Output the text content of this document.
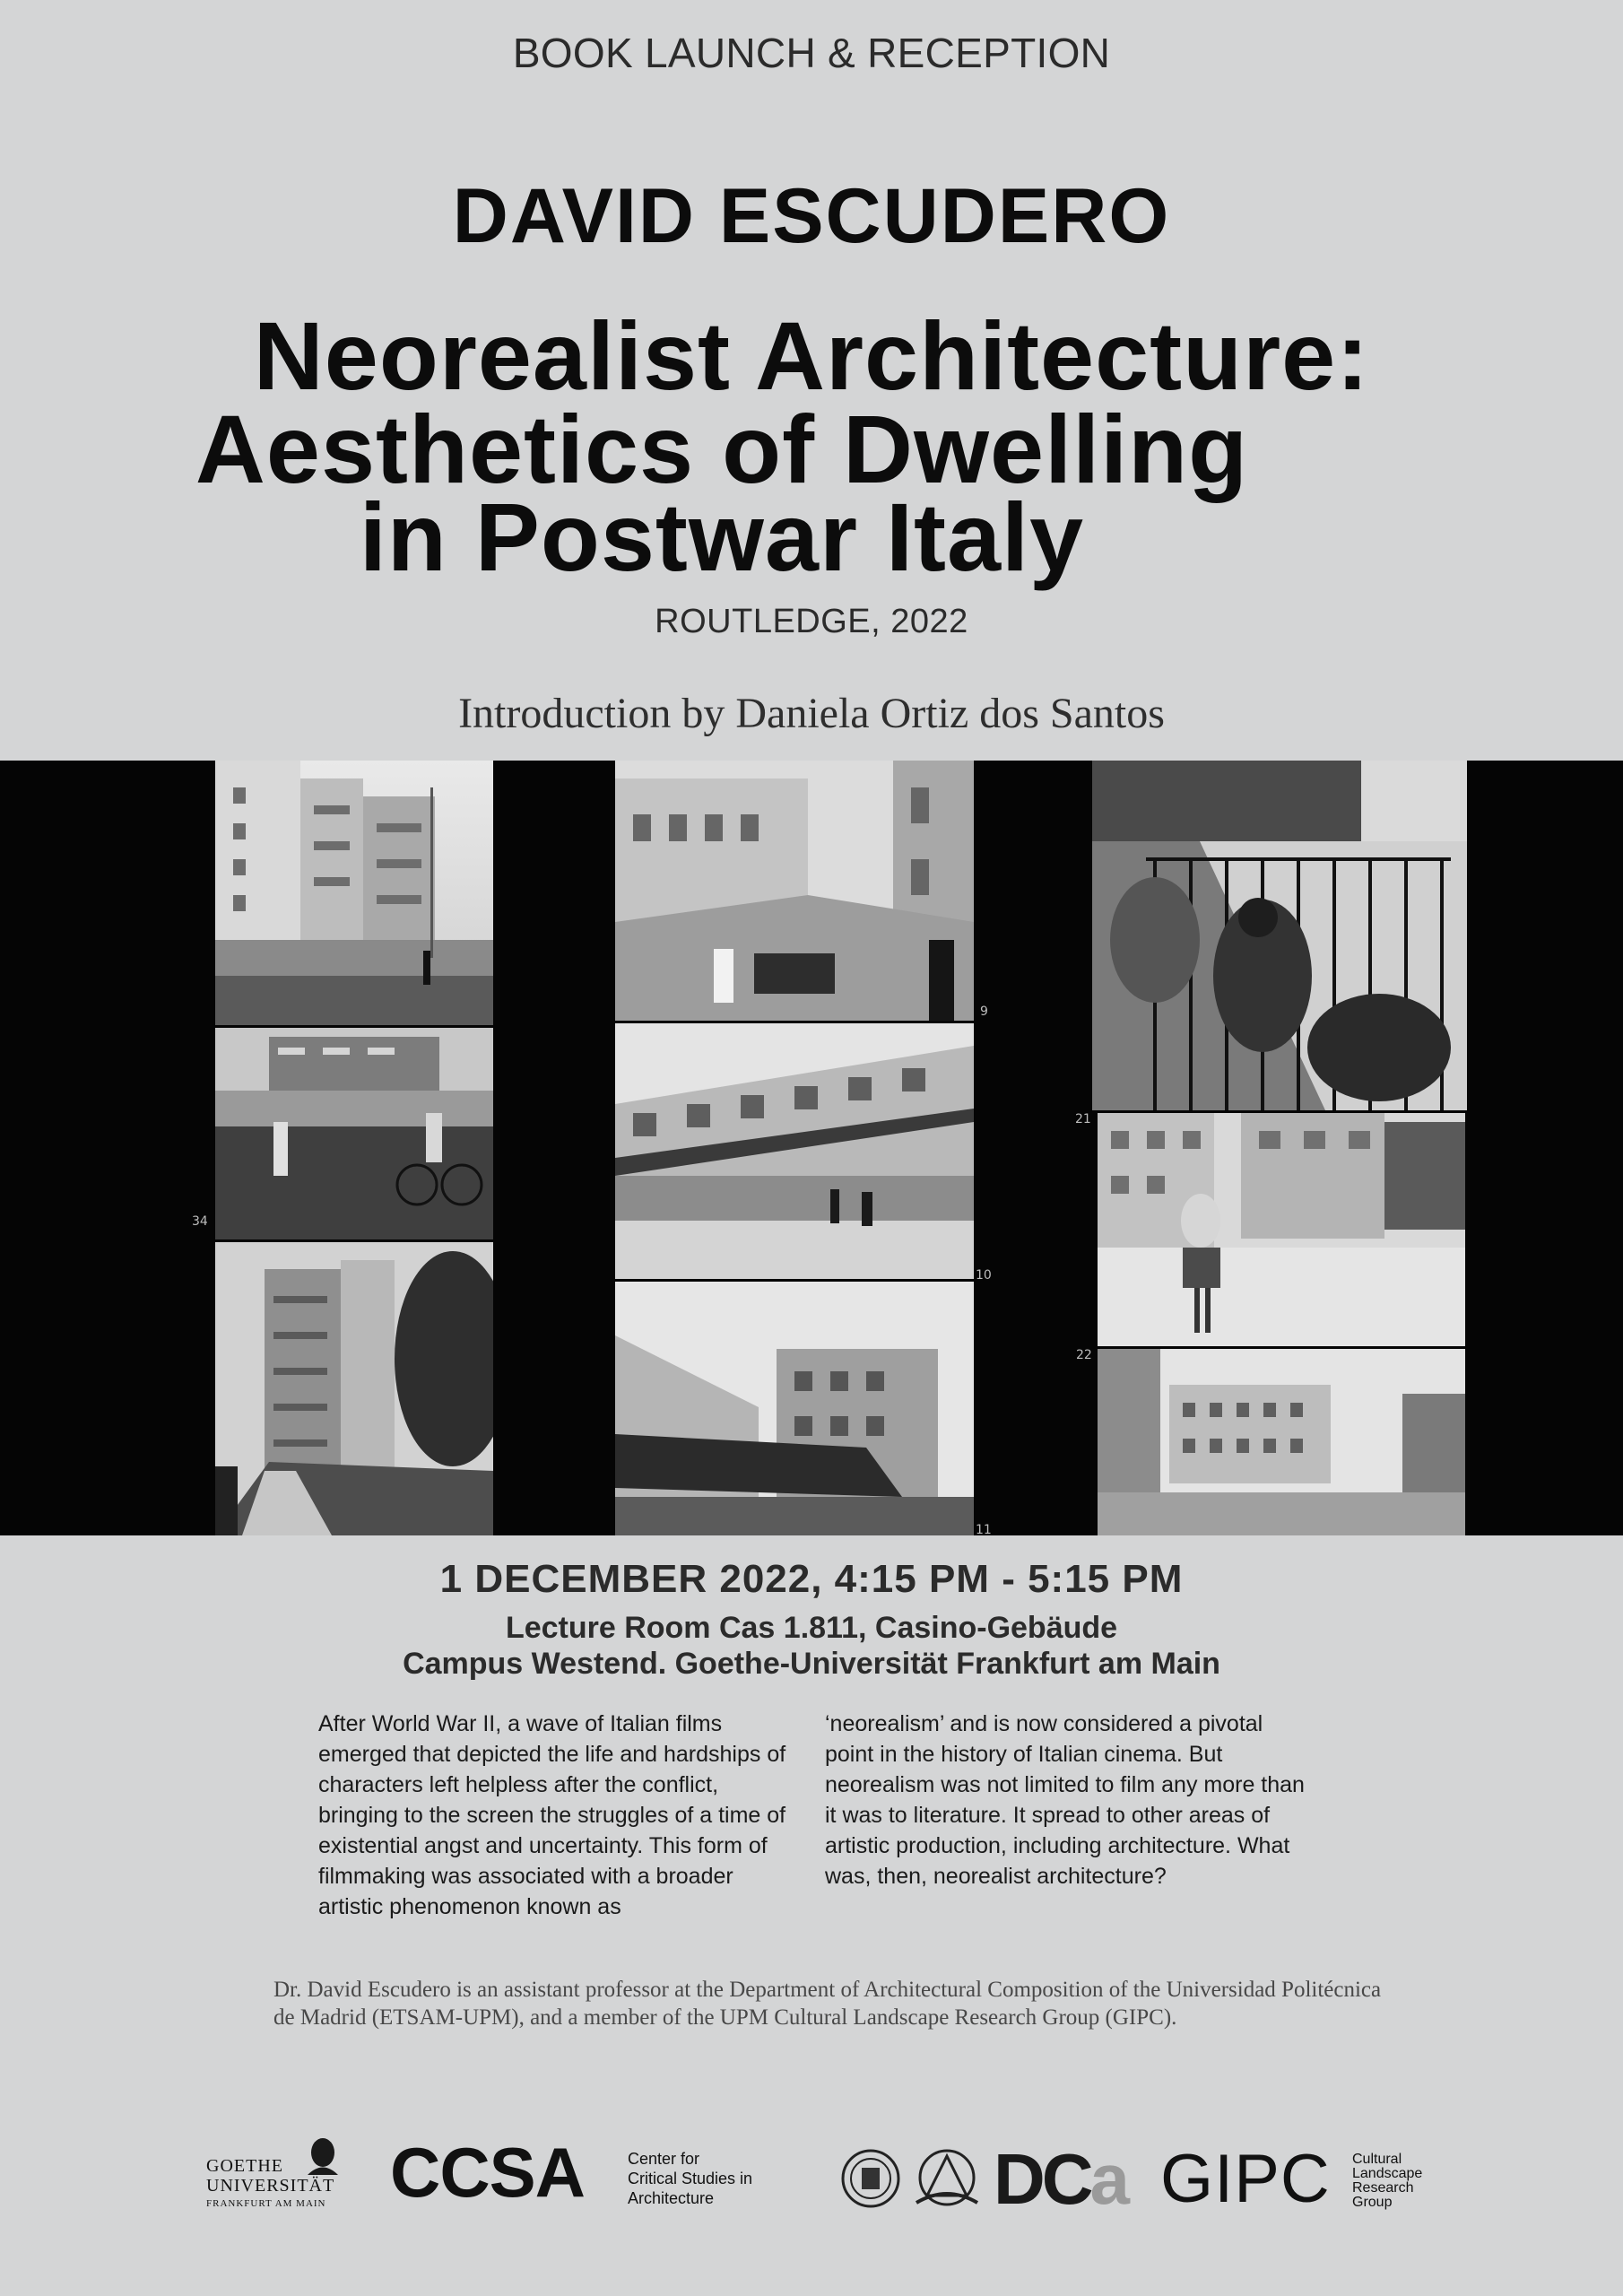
BOOK LAUNCH & RECEPTION
DAVID ESCUDERO
Neorealist Architecture:
Aesthetics of Dwelling
in Postwar Italy
ROUTLEDGE, 2022
Introduction by Daniela Ortiz dos Santos
34
9
10
11
21
22
1 DECEMBER 2022, 4:15 PM - 5:15 PM
Lecture Room Cas 1.811, Casino-Gebäude
Campus Westend. Goethe-Universität Frankfurt am Main
After World War II, a wave of Italian films emerged that depicted the life and hardships of characters left helpless after the conflict, bringing to the screen the struggles of a time of existential angst and uncertainty. This form of filmmaking was associated with a broader artistic phenomenon known as
‘neorealism’ and is now considered a pivotal point in the history of Italian cinema. But neorealism was not limited to film any more than it was to literature. It spread to other areas of artistic production, including architecture. What was, then, neorealist architecture?
Dr. David Escudero is an assistant professor at the Department of Architectural Composition of the Universidad Politécnica de Madrid (ETSAM-UPM), and a member of the UPM Cultural Landscape Research Group (GIPC).
GOETHE
UNIVERSITÄT
FRANKFURT AM MAIN CCSA	Center for
Critical Studies in
Architecture	DCa GIPC Cultural
Landscape
Research
Group
